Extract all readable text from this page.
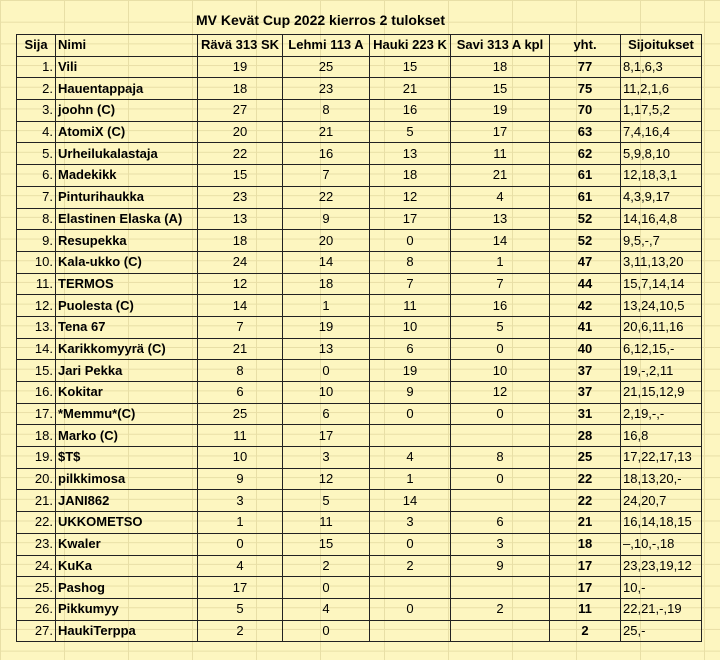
MV Kevät Cup 2022 kierros 2 tulokset
Sija	Nimi	Rävä 313 SK	Lehmi 113 A	Hauki 223 K	Savi 313 A kpl	yht.	Sijoitukset
1.	Vili	19	25	15	18	77	8,1,6,3
2.	Hauentappaja	18	23	21	15	75	11,2,1,6
3.	joohn (C)	27	8	16	19	70	1,17,5,2
4.	AtomiX (C)	20	21	5	17	63	7,4,16,4
5.	Urheilukalastaja	22	16	13	11	62	5,9,8,10
6.	Madekikk	15	7	18	21	61	12,18,3,1
7.	Pinturihaukka	23	22	12	4	61	4,3,9,17
8.	Elastinen Elaska (A)	13	9	17	13	52	14,16,4,8
9.	Resupekka	18	20	0	14	52	9,5,-,7
10.	Kala-ukko (C)	24	14	8	1	47	3,11,13,20
11.	TERMOS	12	18	7	7	44	15,7,14,14
12.	Puolesta (C)	14	1	11	16	42	13,24,10,5
13.	Tena 67	7	19	10	5	41	20,6,11,16
14.	Karikkomyyrä (C)	21	13	6	0	40	6,12,15,-
15.	Jari Pekka	8	0	19	10	37	19,-,2,11
16.	Kokitar	6	10	9	12	37	21,15,12,9
17.	*Memmu*(C)	25	6	0	0	31	2,19,-,-
18.	Marko (C)	11	17			28	16,8
19.	$T$	10	3	4	8	25	17,22,17,13
20.	pilkkimosa	9	12	1	0	22	18,13,20,-
21.	JANI862	3	5	14		22	24,20,7
22.	UKKOMETSO	1	11	3	6	21	16,14,18,15
23.	Kwaler	0	15	0	3	18	–,10,-,18
24.	KuKa	4	2	2	9	17	23,23,19,12
25.	Pashog	17	0			17	10,-
26.	Pikkumyy	5	4	0	2	11	22,21,-,19
27.	HaukiTerppa	2	0			2	25,-
